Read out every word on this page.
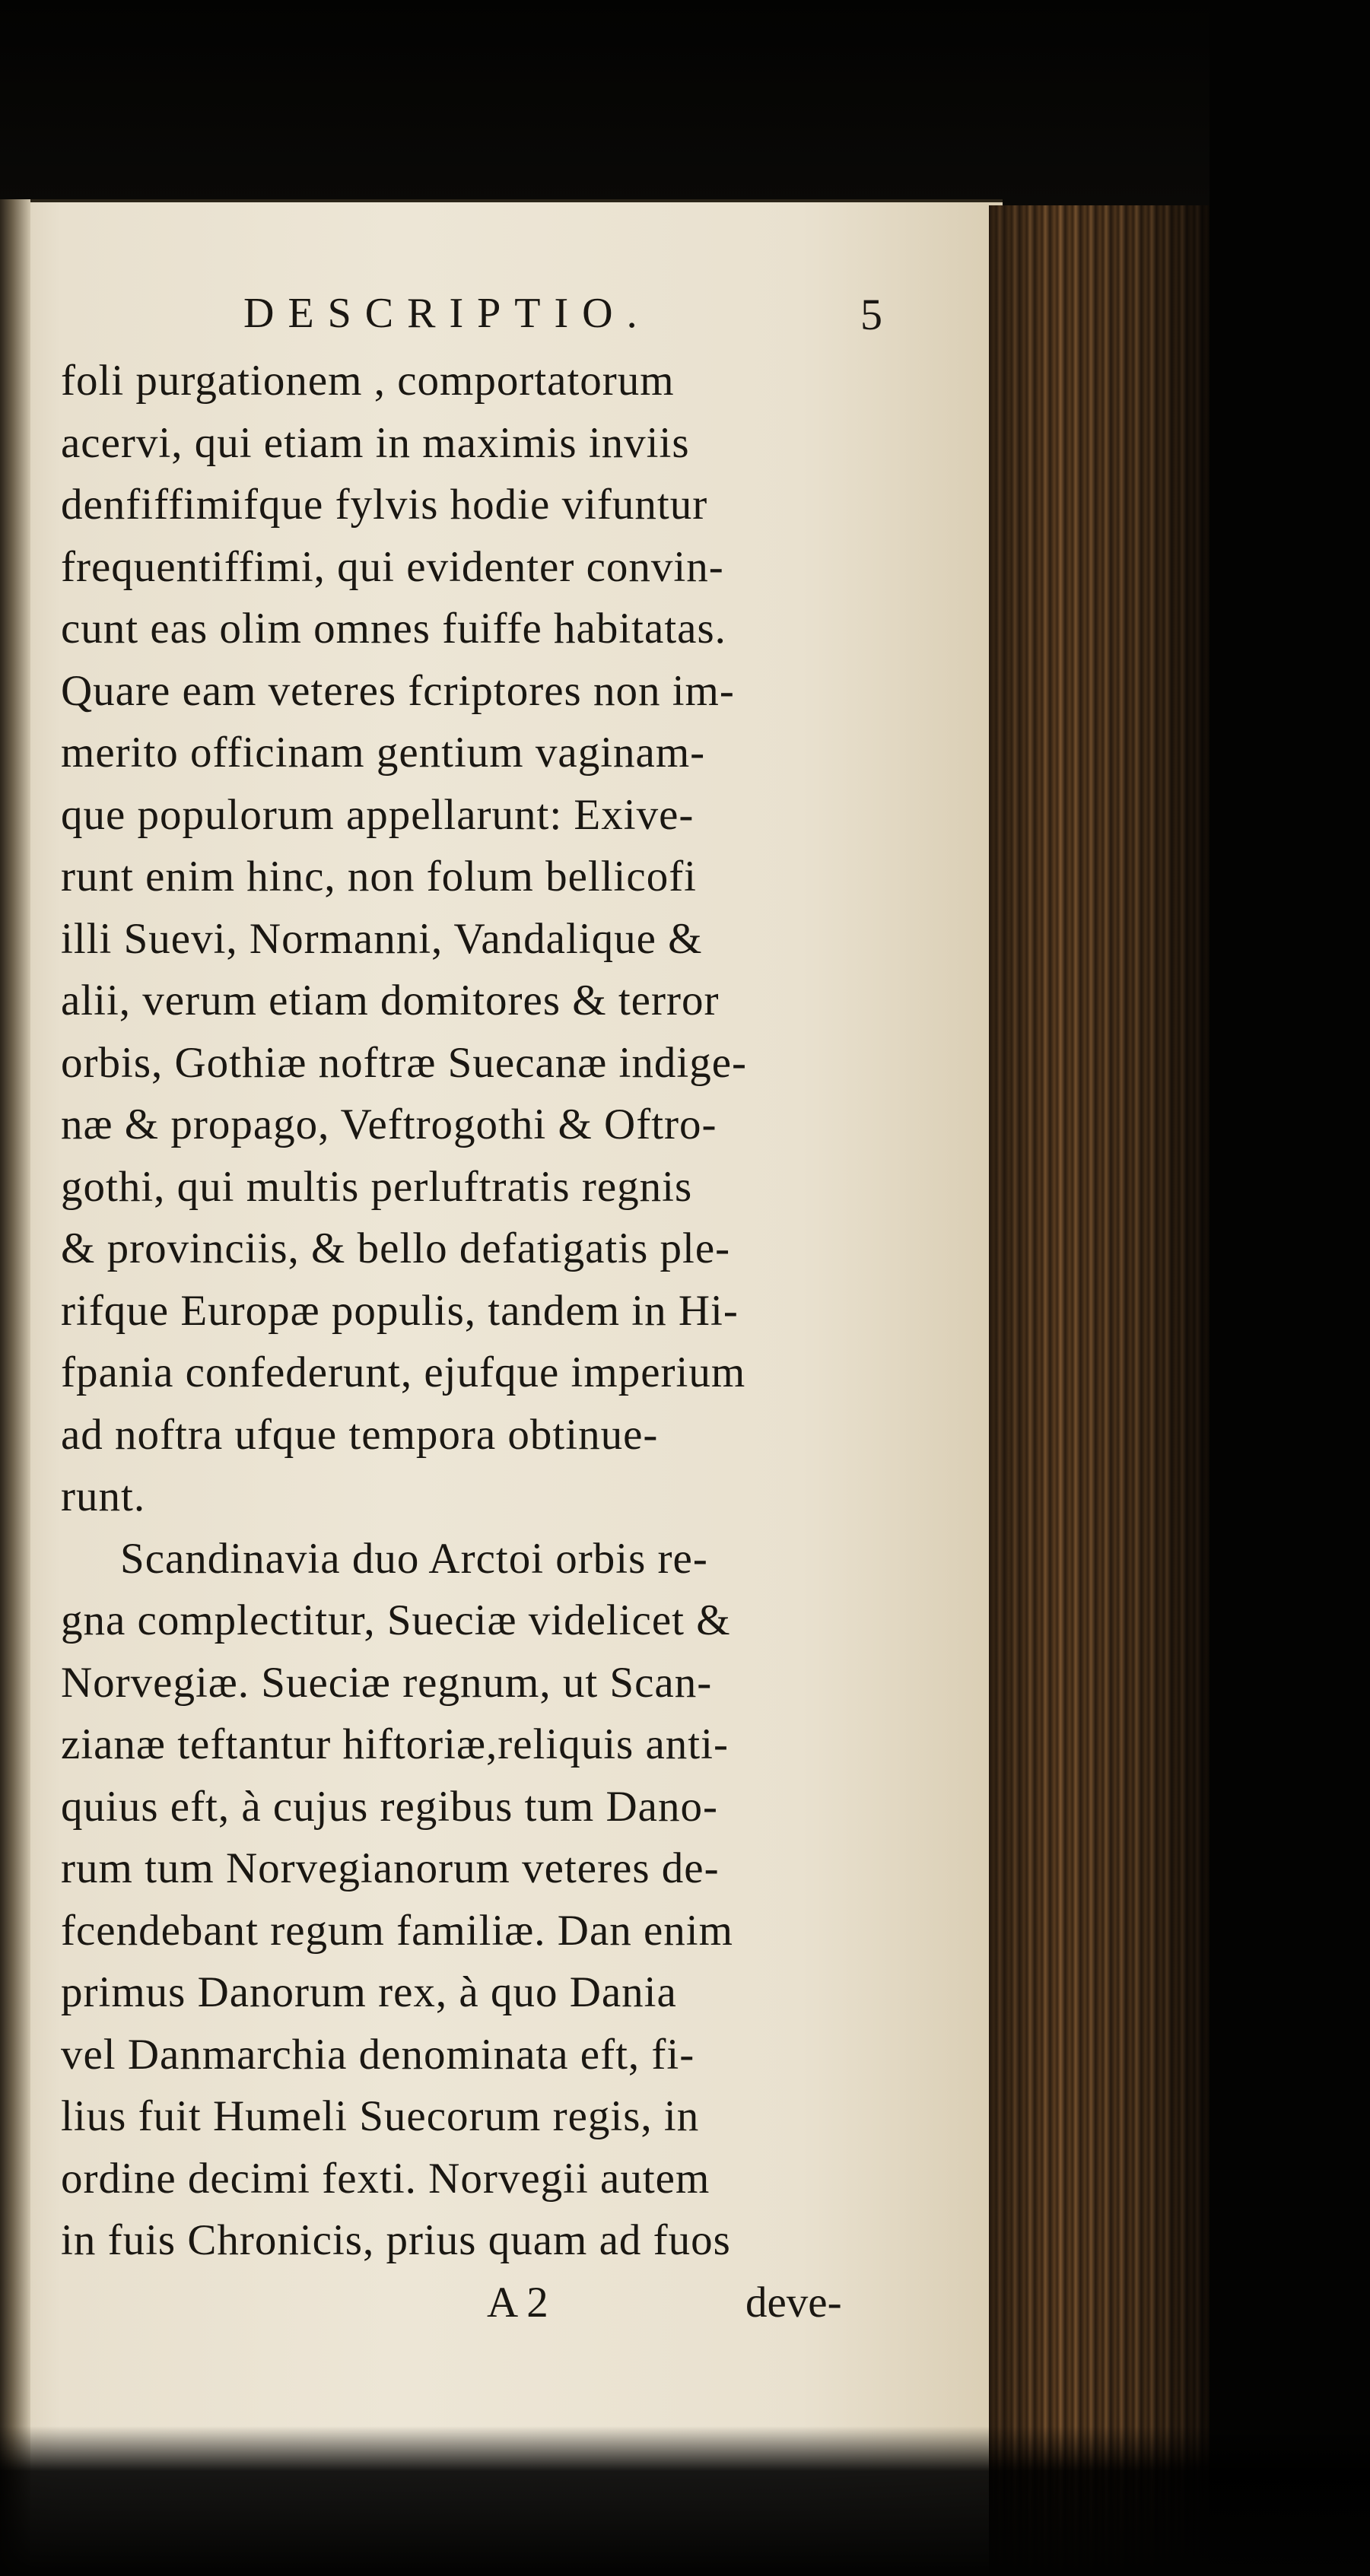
DESCRIPTIO.	5
foli purgationem , comportatorum
acervi, qui etiam in maximis inviis
denfiffimifque fylvis hodie vifuntur
frequentiffimi, qui evidenter convin-
cunt eas olim omnes fuiffe habitatas.
Quare eam veteres fcriptores non im-
merito officinam gentium vaginam-
que populorum appellarunt: Exive-
runt enim hinc, non folum bellicofi
illi Suevi, Normanni, Vandalique &
alii, verum etiam domitores & terror
orbis, Gothiæ noftræ Suecanæ indige-
næ & propago, Veftrogothi & Oftro-
gothi, qui multis perluftratis regnis
& provinciis, & bello defatigatis ple-
rifque Europæ populis, tandem in Hi-
fpania confederunt, ejufque imperium
ad noftra ufque tempora obtinue-
runt.
Scandinavia duo Arctoi orbis re-
gna complectitur, Sueciæ videlicet &
Norvegiæ. Sueciæ regnum, ut Scan-
zianæ teftantur hiftoriæ,reliquis anti-
quius eft, à cujus regibus tum Dano-
rum tum Norvegianorum veteres de-
fcendebant regum familiæ. Dan enim
primus Danorum rex, à quo Dania
vel Danmarchia denominata eft, fi-
lius fuit Humeli Suecorum regis, in
ordine decimi fexti. Norvegii autem
in fuis Chronicis, prius quam ad fuos
A 2	deve-
